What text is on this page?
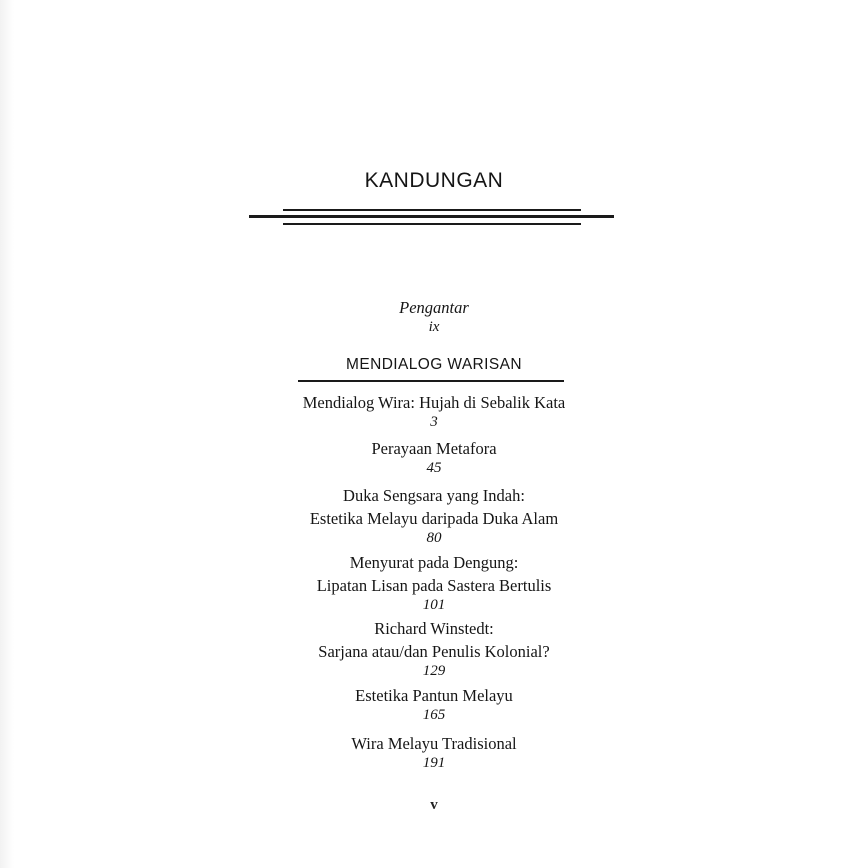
KANDUNGAN
Pengantar
ix
MENDIALOG WARISAN
Mendialog Wira: Hujah di Sebalik Kata
3
Perayaan Metafora
45
Duka Sengsara yang Indah:
Estetika Melayu daripada Duka Alam
80
Menyurat pada Dengung:
Lipatan Lisan pada Sastera Bertulis
101
Richard Winstedt:
Sarjana atau/dan Penulis Kolonial?
129
Estetika Pantun Melayu
165
Wira Melayu Tradisional
191
v
